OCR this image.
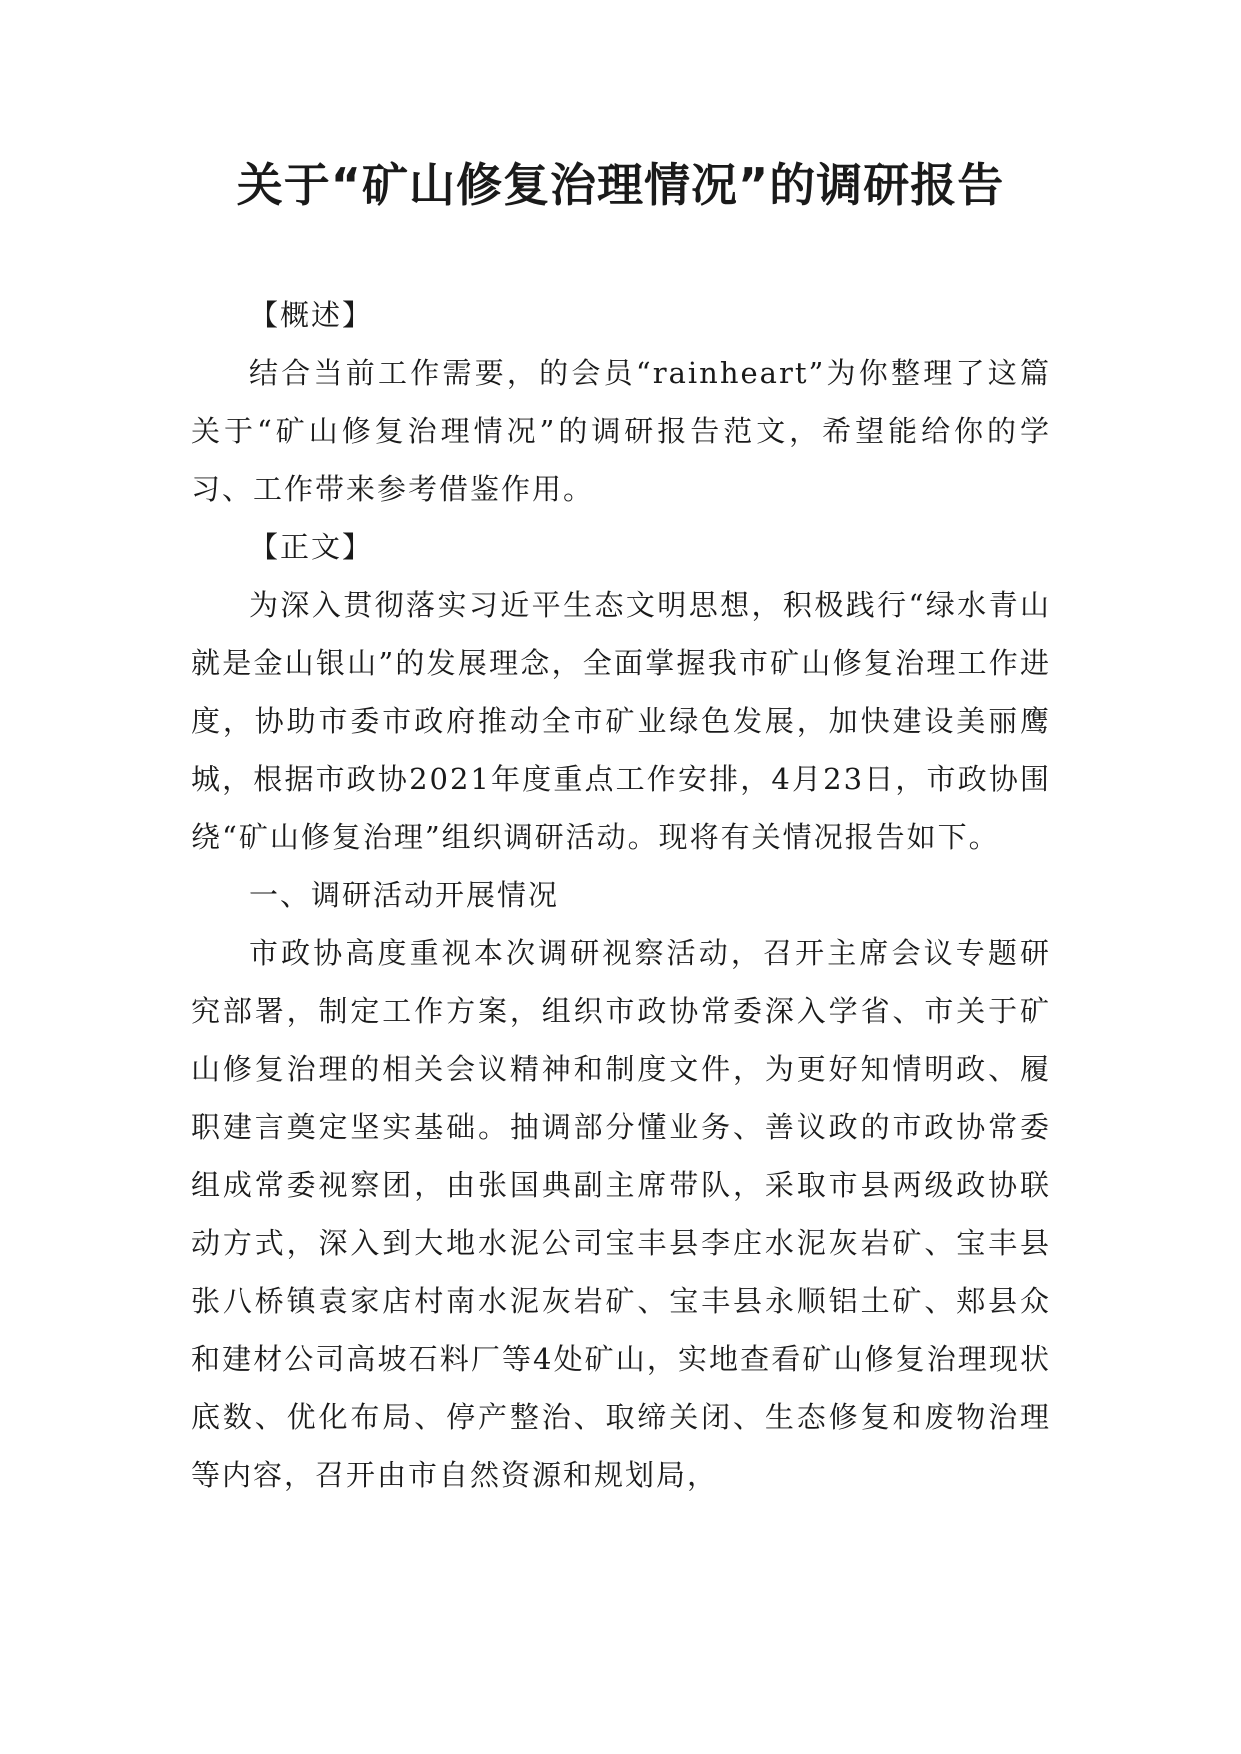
关于“矿山修复治理情况”的调研报告

【概述】

结合当前工作需要，的会员“rainheart”为你整理了这篇关于“矿山修复治理情况”的调研报告范文，希望能给你的学习、工作带来参考借鉴作用。

【正文】

为深入贯彻落实习近平生态文明思想，积极践行“绿水青山就是金山银山”的发展理念，全面掌握我市矿山修复治理工作进度，协助市委市政府推动全市矿业绿色发展，加快建设美丽鹰城，根据市政协2021年度重点工作安排，4月23日，市政协围绕“矿山修复治理”组织调研活动。现将有关情况报告如下。

一、调研活动开展情况

市政协高度重视本次调研视察活动，召开主席会议专题研究部署，制定工作方案，组织市政协常委深入学省、市关于矿山修复治理的相关会议精神和制度文件，为更好知情明政、履职建言奠定坚实基础。抽调部分懂业务、善议政的市政协常委组成常委视察团，由张国典副主席带队，采取市县两级政协联动方式，深入到大地水泥公司宝丰县李庄水泥灰岩矿、宝丰县张八桥镇袁家店村南水泥灰岩矿、宝丰县永顺铝土矿、郏县众和建材公司高坡石料厂等4处矿山，实地查看矿山修复治理现状底数、优化布局、停产整治、取缔关闭、生态修复和废物治理等内容，召开由市自然资源和规划局，
